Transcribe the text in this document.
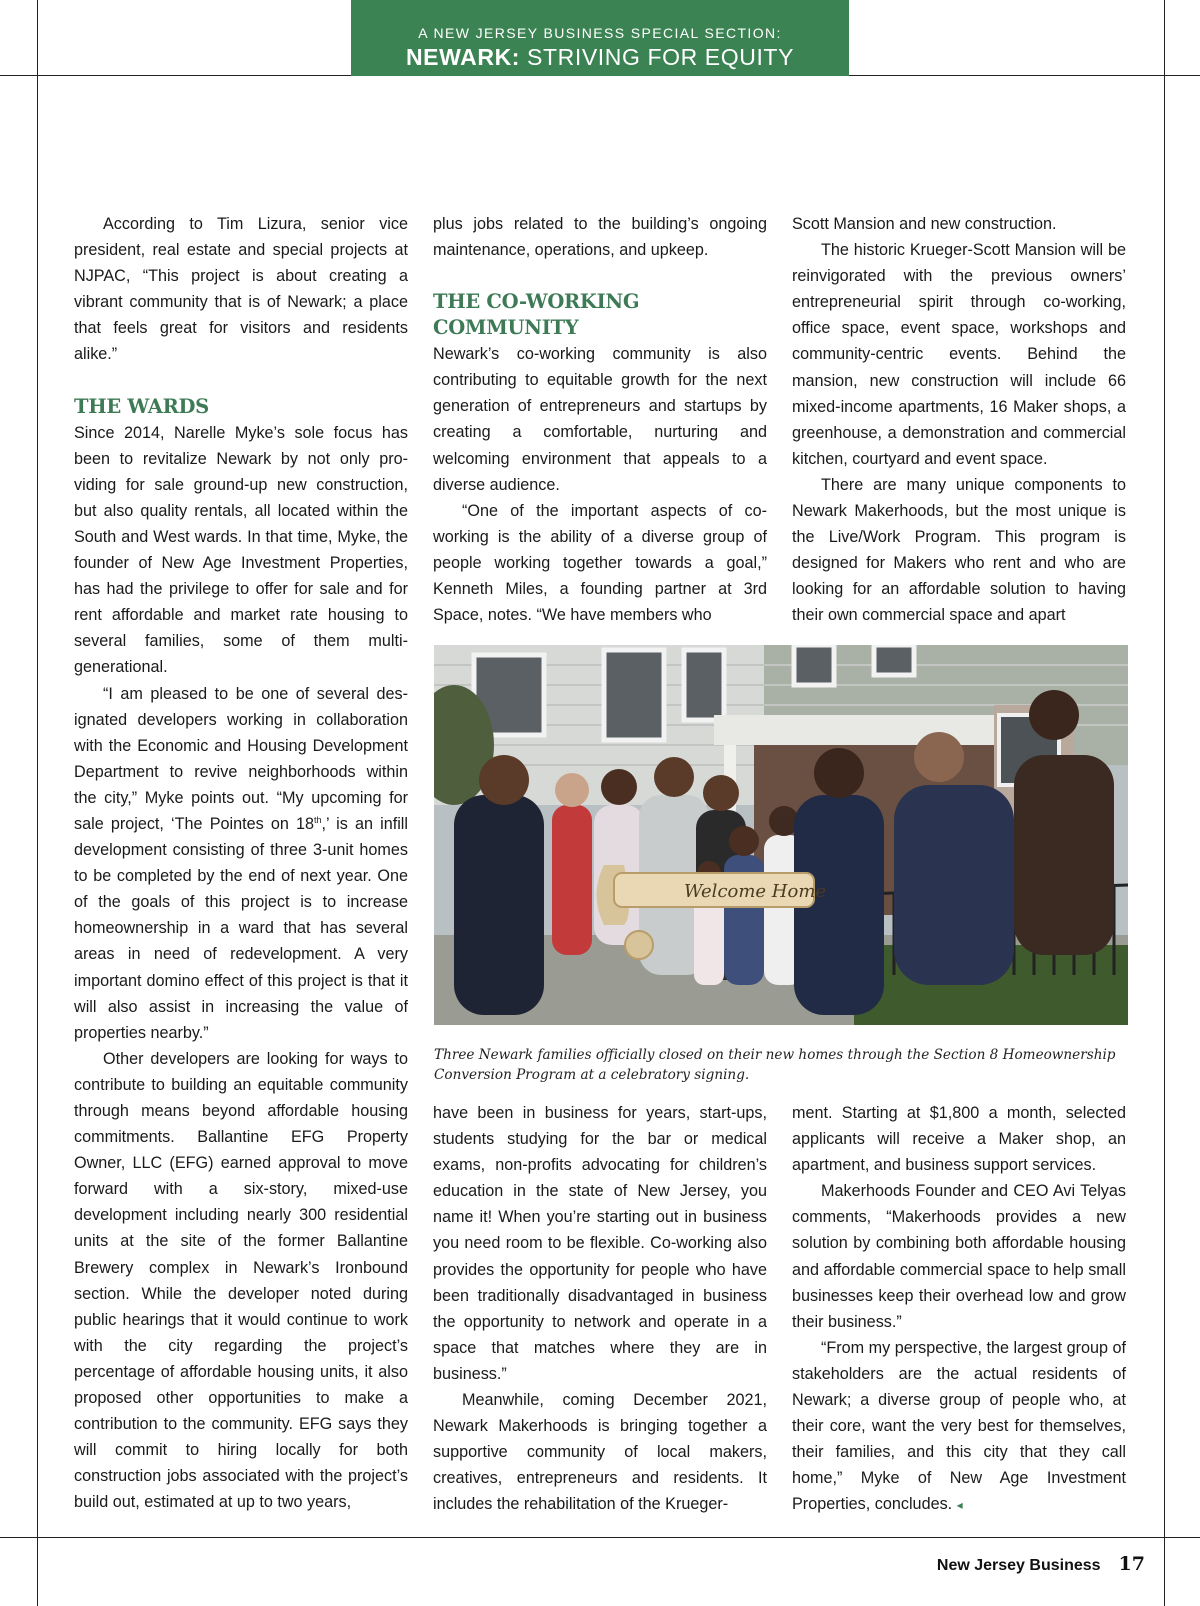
A NEW JERSEY BUSINESS SPECIAL SECTION:
NEWARK: STRIVING FOR EQUITY

According to Tim Lizura, senior vice president, real estate and special projects at NJPAC, “This project is about creating a vibrant community that is of Newark; a place that feels great for visitors and residents alike.”

THE WARDS

Since 2014, Narelle Myke’s sole focus has been to revitalize Newark by not only providing for sale ground-up new construction, but also quality rentals, all located within the South and West wards. In that time, Myke, the founder of New Age Investment Properties, has had the privilege to offer for sale and for rent affordable and market rate housing to several families, some of them multi-generational.

“I am pleased to be one of several designated developers working in collaboration with the Economic and Housing Development Department to revive neighborhoods within the city,” Myke points out. “My upcoming for sale project, ‘The Pointes on 18th,’ is an infill development consisting of three 3-unit homes to be completed by the end of next year. One of the goals of this project is to increase homeownership in a ward that has several areas in need of redevelopment. A very important domino effect of this project is that it will also assist in increasing the value of properties nearby.”

Other developers are looking for ways to contribute to building an equitable community through means beyond affordable housing commitments. Ballantine EFG Property Owner, LLC (EFG) earned approval to move forward with a six-story, mixed-use development including nearly 300 residential units at the site of the former Ballantine Brewery complex in Newark’s Ironbound section. While the developer noted during public hearings that it would continue to work with the city regarding the project’s percentage of affordable housing units, it also proposed other opportunities to make a contribution to the community. EFG says they will commit to hiring locally for both construction jobs associated with the project’s build out, estimated at up to two years,

plus jobs related to the building’s ongoing maintenance, operations, and upkeep.

THE CO-WORKING COMMUNITY

Newark’s co-working community is also contributing to equitable growth for the next generation of entrepreneurs and startups by creating a comfortable, nurturing and welcoming environment that appeals to a diverse audience.

“One of the important aspects of coworking is the ability of a diverse group of people working together towards a goal,” Kenneth Miles, a founding partner at 3rd Space, notes. “We have members who

Scott Mansion and new construction.

The historic Krueger-Scott Mansion will be reinvigorated with the previous owners’ entrepreneurial spirit through co-working, office space, event space, workshops and community-centric events. Behind the mansion, new construction will include 66 mixed-income apartments, 16 Maker shops, a greenhouse, a demonstration and commercial kitchen, courtyard and event space.

There are many unique components to Newark Makerhoods, but the most unique is the Live/Work Program. This program is designed for Makers who rent and who are looking for an affordable solution to having their own commercial space and apart

Welcome Home
Three Newark families officially closed on their new homes through the Section 8 Homeownership Conversion Program at a celebratory signing.

have been in business for years, start-ups, students studying for the bar or medical exams, non-profits advocating for children’s education in the state of New Jersey, you name it! When you’re starting out in business you need room to be flexible. Co-working also provides the opportunity for people who have been traditionally disadvantaged in business the opportunity to network and operate in a space that matches where they are in business.”

Meanwhile, coming December 2021, Newark Makerhoods is bringing together a supportive community of local makers, creatives, entrepreneurs and residents. It includes the rehabilitation of the Krueger-

ment. Starting at $1,800 a month, selected applicants will receive a Maker shop, an apartment, and business support services.

Makerhoods Founder and CEO Avi Telyas comments, “Makerhoods provides a new solution by combining both affordable housing and affordable commercial space to help small businesses keep their overhead low and grow their business.”

“From my perspective, the largest group of stakeholders are the actual residents of Newark; a diverse group of people who, at their core, want the very best for themselves, their families, and this city that they call home,” Myke of New Age Investment Properties, concludes. ◂

New Jersey Business 17
